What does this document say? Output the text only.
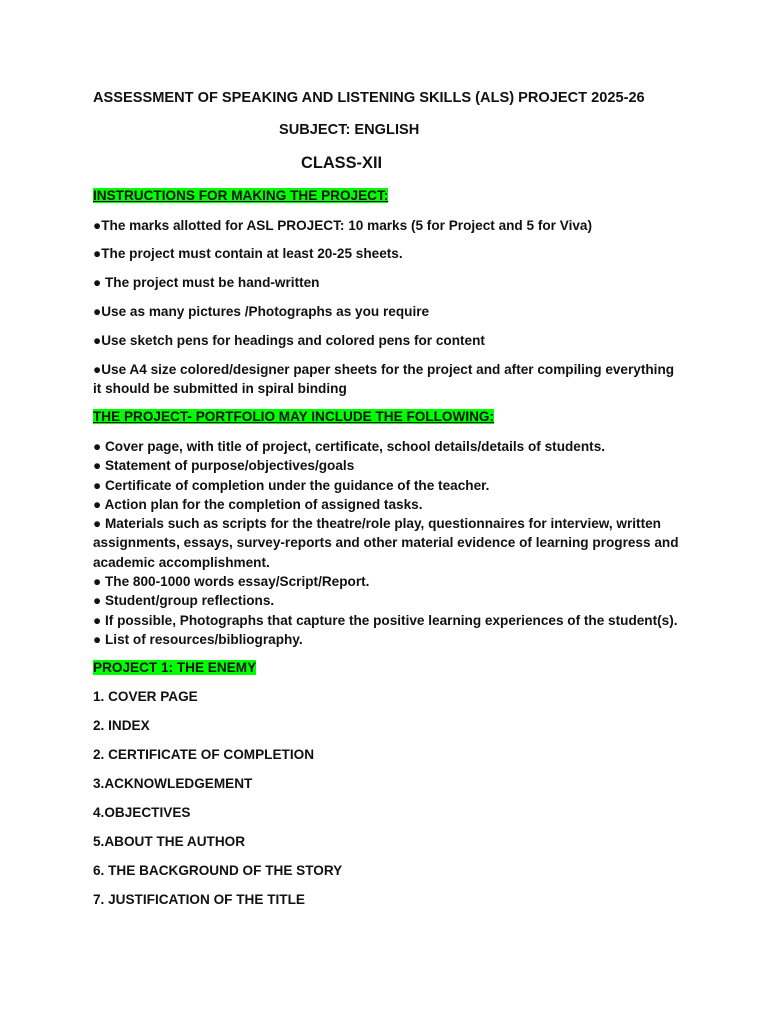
ASSESSMENT OF SPEAKING AND LISTENING SKILLS (ALS) PROJECT 2025-26
SUBJECT: ENGLISH
CLASS-XII
INSTRUCTIONS FOR MAKING THE PROJECT:
●The marks allotted for ASL PROJECT: 10 marks (5 for Project and 5 for Viva)
●The project must contain at least 20-25 sheets.
● The project must be hand-written
●Use as many pictures /Photographs as you require
●Use sketch pens for headings and colored pens for content
●Use A4 size colored/designer paper sheets for the project and after compiling everything
it should be submitted in spiral binding
THE PROJECT- PORTFOLIO MAY INCLUDE THE FOLLOWING:
● Cover page, with title of project, certificate, school details/details of students.
● Statement of purpose/objectives/goals
● Certificate of completion under the guidance of the teacher.
● Action plan for the completion of assigned tasks.
● Materials such as scripts for the theatre/role play, questionnaires for interview, written
assignments, essays, survey-reports and other material evidence of learning progress and
academic accomplishment.
● The 800-1000 words essay/Script/Report.
● Student/group reflections.
● If possible, Photographs that capture the positive learning experiences of the student(s).
● List of resources/bibliography.
PROJECT 1: THE ENEMY
1. COVER PAGE
2. INDEX
2. CERTIFICATE OF COMPLETION
3.ACKNOWLEDGEMENT
4.OBJECTIVES
5.ABOUT THE AUTHOR
6. THE BACKGROUND OF THE STORY
7. JUSTIFICATION OF THE TITLE
